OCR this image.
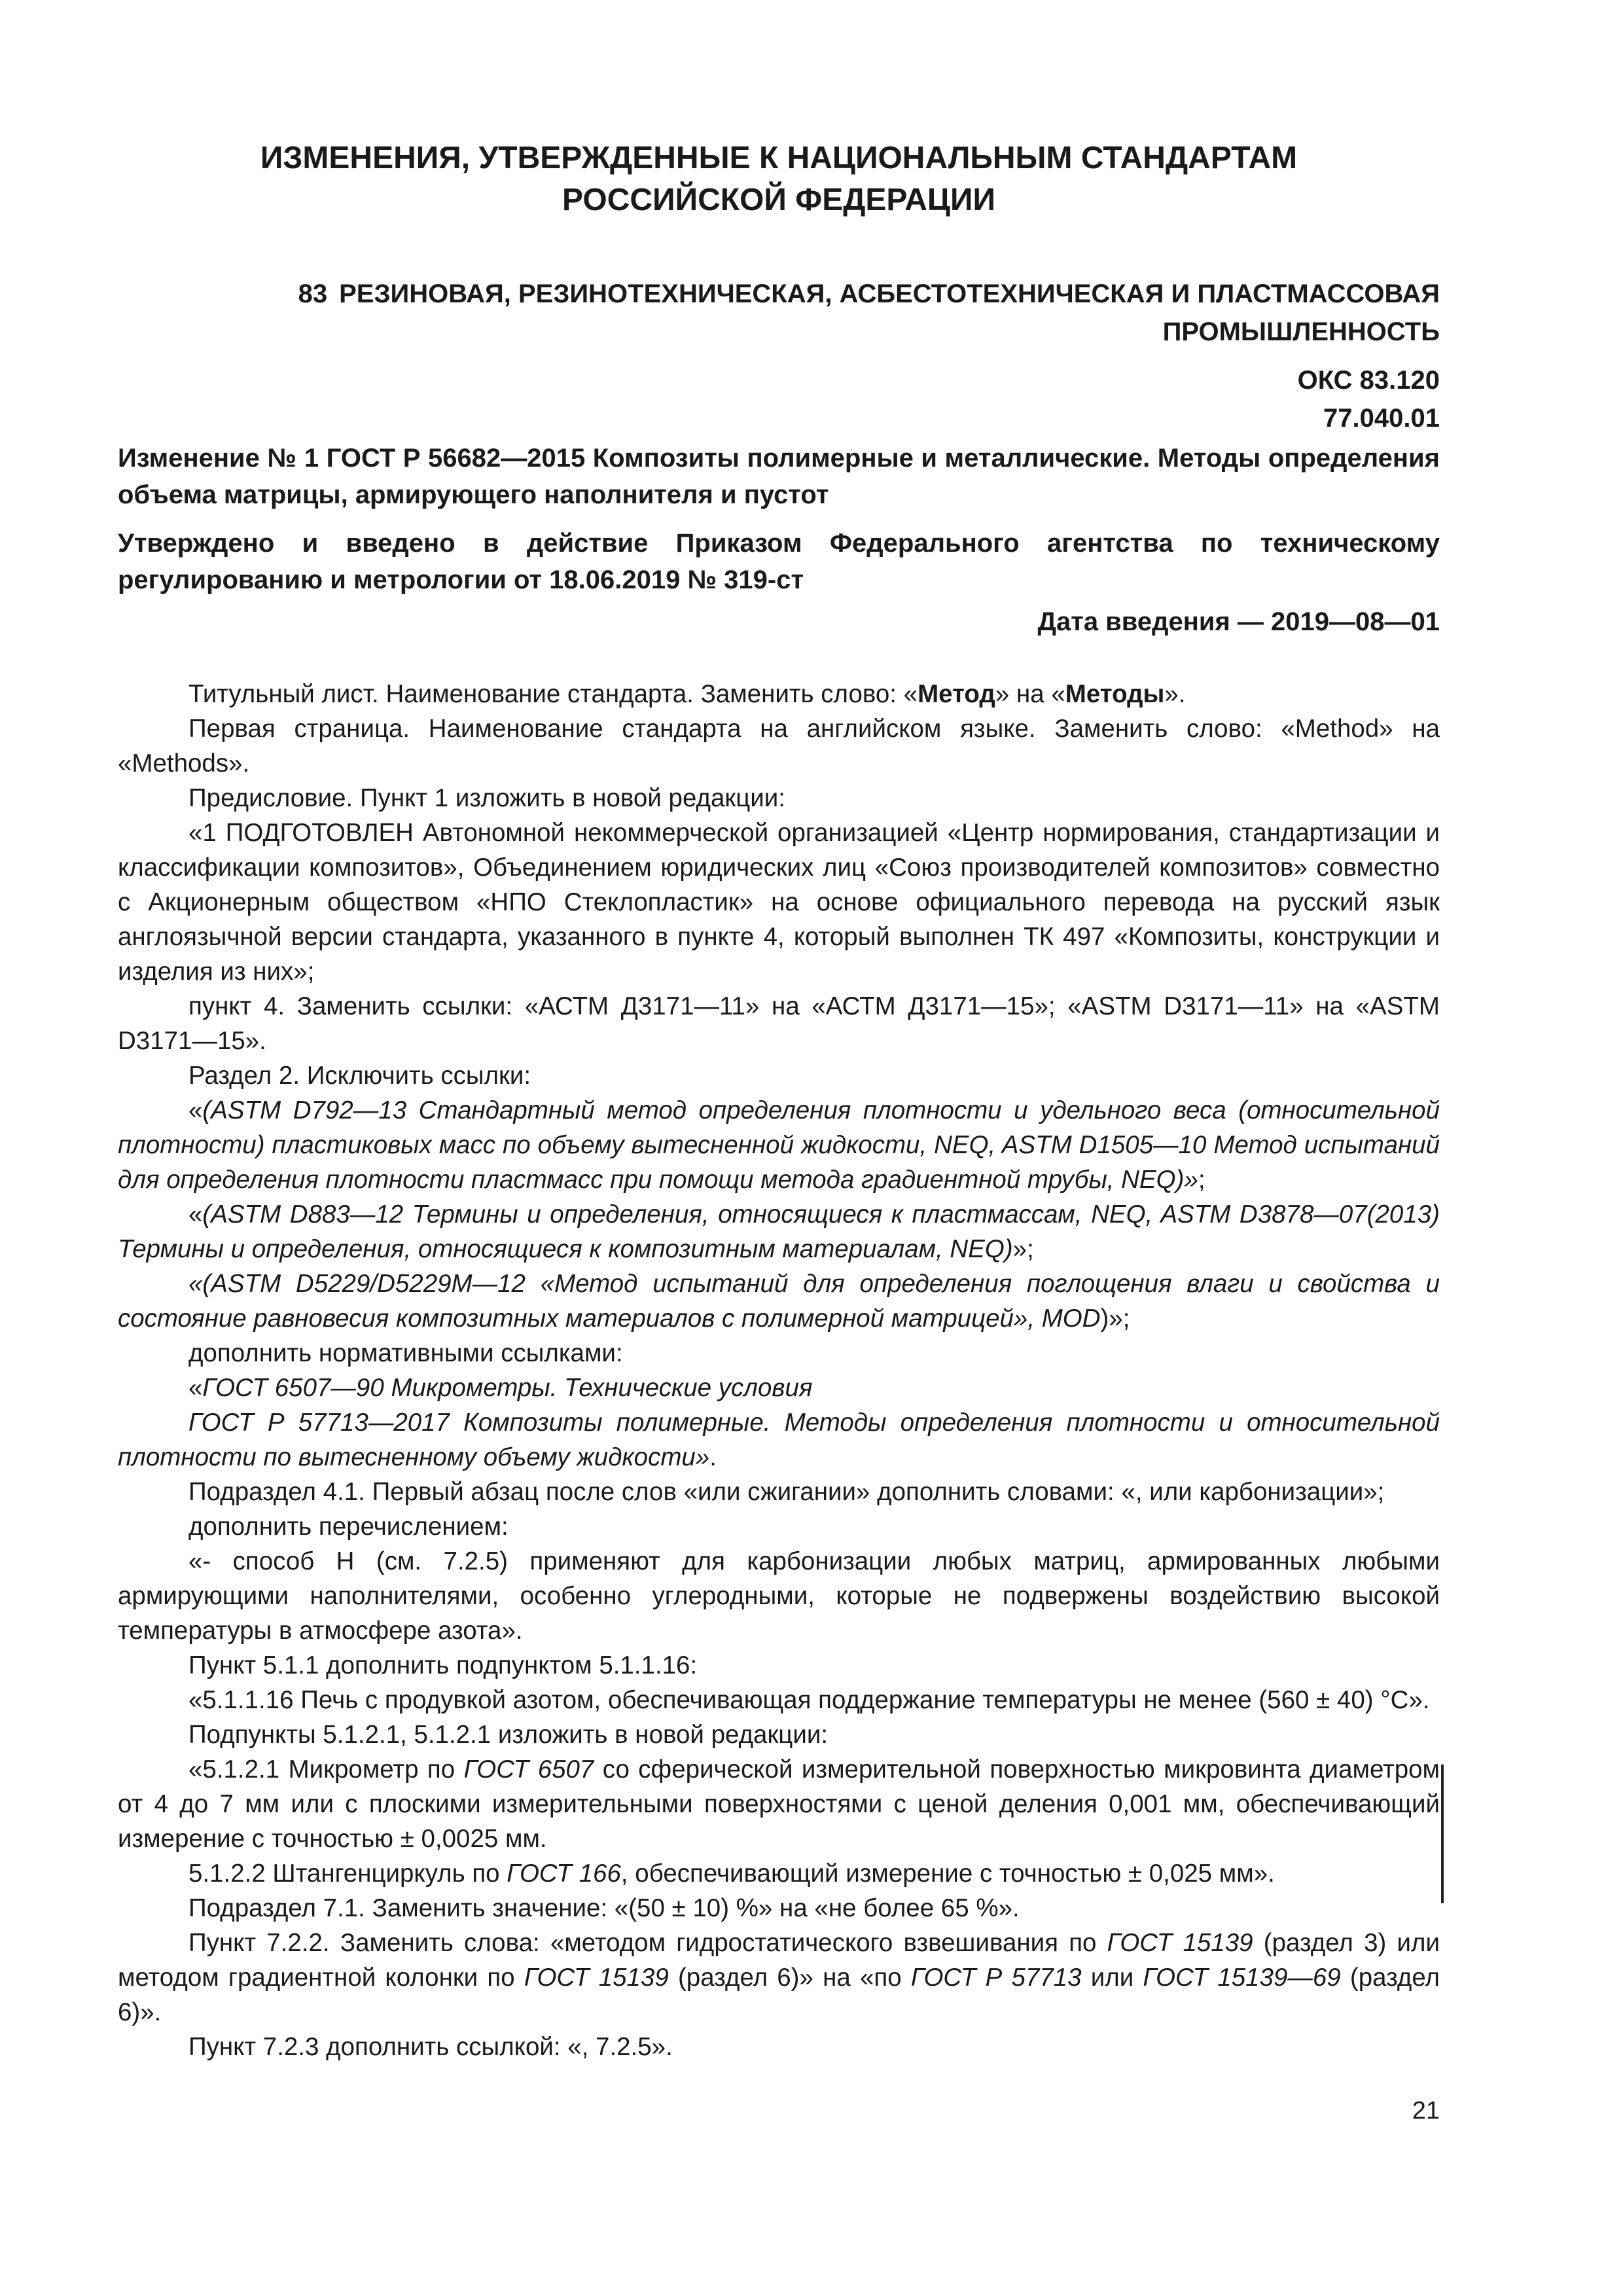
ИЗМЕНЕНИЯ, УТВЕРЖДЕННЫЕ К НАЦИОНАЛЬНЫМ СТАНДАРТАМ
РОССИЙСКОЙ ФЕДЕРАЦИИ
83 РЕЗИНОВАЯ, РЕЗИНОТЕХНИЧЕСКАЯ, АСБЕСТОТЕХНИЧЕСКАЯ И ПЛАСТМАССОВАЯ
ПРОМЫШЛЕННОСТЬ
ОКС 83.120
77.040.01
Изменение № 1 ГОСТ Р 56682—2015 Композиты полимерные и металлические. Методы определения объема матрицы, армирующего наполнителя и пустот
Утверждено и введено в действие Приказом Федерального агентства по техническому регулированию и метрологии от 18.06.2019 № 319-ст
Дата введения — 2019—08—01

Титульный лист. Наименование стандарта. Заменить слово: «Метод» на «Методы».

Первая страница. Наименование стандарта на английском языке. Заменить слово: «Method» на «Methods».

Предисловие. Пункт 1 изложить в новой редакции:

«1 ПОДГОТОВЛЕН Автономной некоммерческой организацией «Центр нормирования, стандартизации и классификации композитов», Объединением юридических лиц «Союз производителей композитов» совместно с Акционерным обществом «НПО Стеклопластик» на основе официального перевода на русский язык англоязычной версии стандарта, указанного в пункте 4, который выполнен ТК 497 «Композиты, конструкции и изделия из них»;

пункт 4. Заменить ссылки: «АСТМ Д3171—11» на «АСТМ Д3171—15»; «ASTM D3171—11» на «ASTM D3171—15».

Раздел 2. Исключить ссылки:

«(ASTM D792—13 Стандартный метод определения плотности и удельного веса (относительной плотности) пластиковых масс по объему вытесненной жидкости, NEQ, ASTM D1505—10 Метод испытаний для определения плотности пластмасс при помощи метода градиентной трубы, NEQ)»;

«(ASTM D883—12 Термины и определения, относящиеся к пластмассам, NEQ, ASTM D3878—07(2013) Термины и определения, относящиеся к композитным материалам, NEQ)»;

«(ASTM D5229/D5229M—12 «Метод испытаний для определения поглощения влаги и свойства и состояние равновесия композитных материалов с полимерной матрицей», MOD)»;

дополнить нормативными ссылками:

«ГОСТ 6507—90 Микрометры. Технические условия

ГОСТ Р 57713—2017 Композиты полимерные. Методы определения плотности и относительной плотности по вытесненному объему жидкости».

Подраздел 4.1. Первый абзац после слов «или сжигании» дополнить словами: «, или карбонизации»;

дополнить перечислением:

«- способ Н (см. 7.2.5) применяют для карбонизации любых матриц, армированных любыми армирующими наполнителями, особенно углеродными, которые не подвержены воздействию высокой температуры в атмосфере азота».

Пункт 5.1.1 дополнить подпунктом 5.1.1.16:

«5.1.1.16 Печь с продувкой азотом, обеспечивающая поддержание температуры не менее (560 ± 40) °С».

Подпункты 5.1.2.1, 5.1.2.1 изложить в новой редакции:

«5.1.2.1 Микрометр по ГОСТ 6507 со сферической измерительной поверхностью микровинта диаметром от 4 до 7 мм или с плоскими измерительными поверхностями с ценой деления 0,001 мм, обеспечивающий измерение с точностью ± 0,0025 мм.

5.1.2.2 Штангенциркуль по ГОСТ 166, обеспечивающий измерение с точностью ± 0,025 мм».

Подраздел 7.1. Заменить значение: «(50 ± 10) %» на «не более 65 %».

Пункт 7.2.2. Заменить слова: «методом гидростатического взвешивания по ГОСТ 15139 (раздел 3) или методом градиентной колонки по ГОСТ 15139 (раздел 6)» на «по ГОСТ Р 57713 или ГОСТ 15139—69 (раздел 6)».

Пункт 7.2.3 дополнить ссылкой: «, 7.2.5».

21
